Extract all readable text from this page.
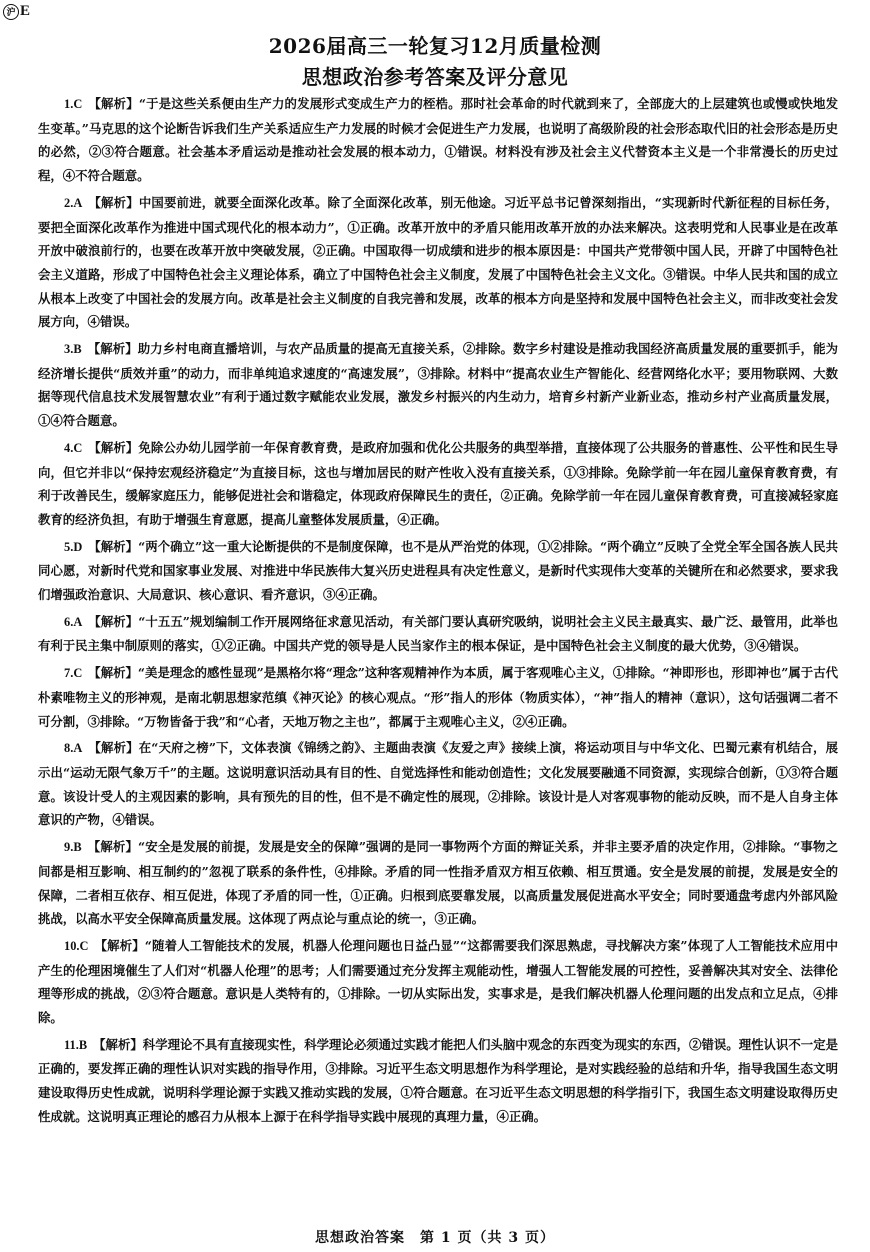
沪 E
2026届高三一轮复习12月质量检测
思想政治参考答案及评分意见

1.C 【解析】“于是这些关系便由生产力的发展形式变成生产力的桎梏。那时社会革命的时代就到来了，全部庞大的上层建筑也或慢或快地发生变革。”马克思的这个论断告诉我们生产关系适应生产力发展的时候才会促进生产力发展，也说明了高级阶段的社会形态取代旧的社会形态是历史的必然，②③符合题意。社会基本矛盾运动是推动社会发展的根本动力，①错误。材料没有涉及社会主义代替资本主义是一个非常漫长的历史过程，④不符合题意。

2.A 【解析】中国要前进，就要全面深化改革。除了全面深化改革，别无他途。习近平总书记曾深刻指出，“实现新时代新征程的目标任务，要把全面深化改革作为推进中国式现代化的根本动力”，①正确。改革开放中的矛盾只能用改革开放的办法来解决。这表明党和人民事业是在改革开放中破浪前行的，也要在改革开放中突破发展，②正确。中国取得一切成绩和进步的根本原因是：中国共产党带领中国人民，开辟了中国特色社会主义道路，形成了中国特色社会主义理论体系，确立了中国特色社会主义制度，发展了中国特色社会主义文化。③错误。中华人民共和国的成立从根本上改变了中国社会的发展方向。改革是社会主义制度的自我完善和发展，改革的根本方向是坚持和发展中国特色社会主义，而非改变社会发展方向，④错误。

3.B 【解析】助力乡村电商直播培训，与农产品质量的提高无直接关系，②排除。数字乡村建设是推动我国经济高质量发展的重要抓手，能为经济增长提供“质效并重”的动力，而非单纯追求速度的“高速发展”，③排除。材料中“提高农业生产智能化、经营网络化水平；要用物联网、大数据等现代信息技术发展智慧农业”有利于通过数字赋能农业发展，激发乡村振兴的内生动力，培育乡村新产业新业态，推动乡村产业高质量发展，①④符合题意。

4.C 【解析】免除公办幼儿园学前一年保育教育费，是政府加强和优化公共服务的典型举措，直接体现了公共服务的普惠性、公平性和民生导向，但它并非以“保持宏观经济稳定”为直接目标，这也与增加居民的财产性收入没有直接关系，①③排除。免除学前一年在园儿童保育教育费，有利于改善民生，缓解家庭压力，能够促进社会和谐稳定，体现政府保障民生的责任，②正确。免除学前一年在园儿童保育教育费，可直接减轻家庭教育的经济负担，有助于增强生育意愿，提高儿童整体发展质量，④正确。

5.D 【解析】“两个确立”这一重大论断提供的不是制度保障，也不是从严治党的体现，①②排除。“两个确立”反映了全党全军全国各族人民共同心愿，对新时代党和国家事业发展、对推进中华民族伟大复兴历史进程具有决定性意义，是新时代实现伟大变革的关键所在和必然要求，要求我们增强政治意识、大局意识、核心意识、看齐意识，③④正确。

6.A 【解析】“十五五”规划编制工作开展网络征求意见活动，有关部门要认真研究吸纳，说明社会主义民主最真实、最广泛、最管用，此举也有利于民主集中制原则的落实，①②正确。中国共产党的领导是人民当家作主的根本保证，是中国特色社会主义制度的最大优势，③④错误。

7.C 【解析】“美是理念的感性显现”是黑格尔将“理念”这种客观精神作为本质，属于客观唯心主义，①排除。“神即形也，形即神也”属于古代朴素唯物主义的形神观，是南北朝思想家范缜《神灭论》的核心观点。“形”指人的形体（物质实体），“神”指人的精神（意识），这句话强调二者不可分割，③排除。“万物皆备于我”和“心者，天地万物之主也”，都属于主观唯心主义，②④正确。

8.A 【解析】在“天府之榜”下，文体表演《锦绣之韵》、主题曲表演《友爱之声》接续上演，将运动项目与中华文化、巴蜀元素有机结合，展示出“运动无限气象万千”的主题。这说明意识活动具有目的性、自觉选择性和能动创造性；文化发展要融通不同资源，实现综合创新，①③符合题意。该设计受人的主观因素的影响，具有预先的目的性，但不是不确定性的展现，②排除。该设计是人对客观事物的能动反映，而不是人自身主体意识的产物，④错误。

9.B 【解析】“安全是发展的前提，发展是安全的保障”强调的是同一事物两个方面的辩证关系，并非主要矛盾的决定作用，②排除。“事物之间都是相互影响、相互制约的”忽视了联系的条件性，④排除。矛盾的同一性指矛盾双方相互依赖、相互贯通。安全是发展的前提，发展是安全的保障，二者相互依存、相互促进，体现了矛盾的同一性，①正确。归根到底要靠发展，以高质量发展促进高水平安全；同时要通盘考虑内外部风险挑战，以高水平安全保障高质量发展。这体现了两点论与重点论的统一，③正确。

10.C 【解析】“随着人工智能技术的发展，机器人伦理问题也日益凸显”“这都需要我们深思熟虑，寻找解决方案”体现了人工智能技术应用中产生的伦理困境催生了人们对“机器人伦理”的思考；人们需要通过充分发挥主观能动性，增强人工智能发展的可控性，妥善解决其对安全、法律伦理等形成的挑战，②③符合题意。意识是人类特有的，①排除。一切从实际出发，实事求是，是我们解决机器人伦理问题的出发点和立足点，④排除。

11.B 【解析】科学理论不具有直接现实性，科学理论必须通过实践才能把人们头脑中观念的东西变为现实的东西，②错误。理性认识不一定是正确的，要发挥正确的理性认识对实践的指导作用，③排除。习近平生态文明思想作为科学理论，是对实践经验的总结和升华，指导我国生态文明建设取得历史性成就，说明科学理论源于实践又推动实践的发展，①符合题意。在习近平生态文明思想的科学指引下，我国生态文明建设取得历史性成就。这说明真正理论的感召力从根本上源于在科学指导实践中展现的真理力量，④正确。

思想政治答案　第 1 页（共 3 页）
